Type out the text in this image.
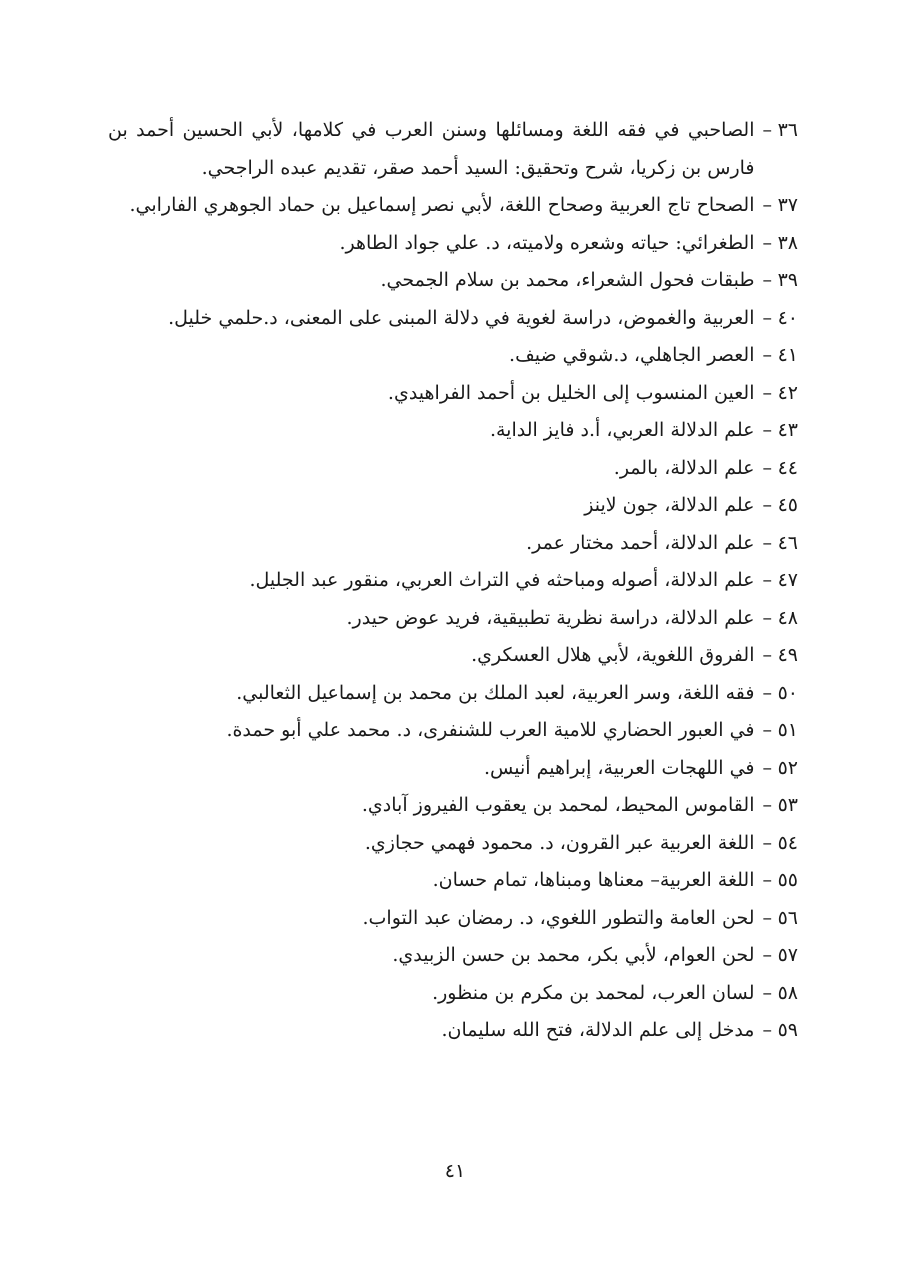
٣٦
–
الصاحبي في فقه اللغة ومسائلها وسنن العرب في كلامها، لأبي الحسين أحمد بن فارس بن زكريا، شرح وتحقيق: السيد أحمد صقر، تقديم عبده الراجحي.
٣٧
–
الصحاح تاج العربية وصحاح اللغة، لأبي نصر إسماعيل بن حماد الجوهري الفارابي.
٣٨
–
الطغرائي: حياته وشعره ولاميته، د. علي جواد الطاهر.
٣٩
–
طبقات فحول الشعراء، محمد بن سلام الجمحي.
٤٠
–
العربية والغموض، دراسة لغوية في دلالة المبنى على المعنى، د.حلمي خليل.
٤١
–
العصر الجاهلي، د.شوقي ضيف.
٤٢
–
العين المنسوب إلى الخليل بن أحمد الفراهيدي.
٤٣
–
علم الدلالة العربي، أ.د فايز الداية.
٤٤
–
علم الدلالة، بالمر.
٤٥
–
علم الدلالة، جون لاينز
٤٦
–
علم الدلالة، أحمد مختار عمر.
٤٧
–
علم الدلالة، أصوله ومباحثه في التراث العربي، منقور عبد الجليل.
٤٨
–
علم الدلالة، دراسة نظرية تطبيقية، فريد عوض حيدر.
٤٩
–
الفروق اللغوية، لأبي هلال العسكري.
٥٠
–
فقه اللغة، وسر العربية، لعبد الملك بن محمد بن إسماعيل الثعالبي.
٥١
–
في العبور الحضاري للامية العرب للشنفرى، د. محمد علي أبو حمدة.
٥٢
–
في اللهجات العربية، إبراهيم أنيس.
٥٣
–
القاموس المحيط، لمحمد بن يعقوب الفيروز آبادي.
٥٤
–
اللغة العربية عبر القرون، د. محمود فهمي حجازي.
٥٥
–
اللغة العربية– معناها ومبناها، تمام حسان.
٥٦
–
لحن العامة والتطور اللغوي، د. رمضان عبد التواب.
٥٧
–
لحن العوام، لأبي بكر، محمد بن حسن الزبيدي.
٥٨
–
لسان العرب، لمحمد بن مكرم بن منظور.
٥٩
–
مدخل إلى علم الدلالة، فتح الله سليمان.
٤١
